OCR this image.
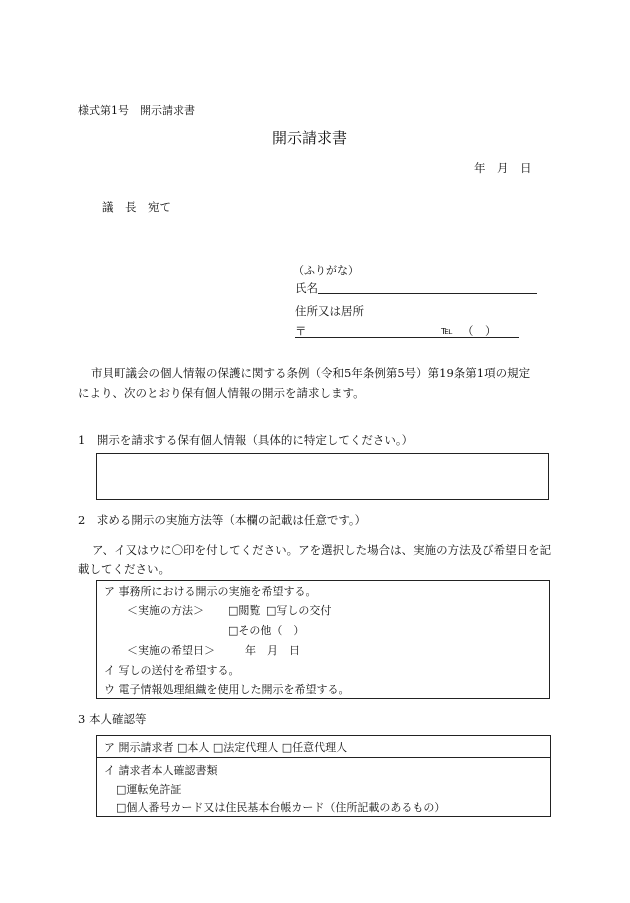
様式第1号　開示請求書
開示請求書
年　月　日
議　長　宛て
（ふりがな）
氏名
住所又は居所
〒	℡ （　）
市貝町議会の個人情報の保護に関する条例（令和5年条例第5号）第19条第1項の規定
により、次のとおり保有個人情報の開示を請求します。
1　開示を請求する保有個人情報（具体的に特定してください。）
2　求める開示の実施方法等（本欄の記載は任意です。）
ア、イ又はウに〇印を付してください。アを選択した場合は、実施の方法及び希望日を記
載してください。
ア 事務所における開示の実施を希望する。
＜実施の方法＞ □閲覧 □写しの交付
□その他（　）
＜実施の希望日＞	年　月　日
イ 写しの送付を希望する。
ウ 電子情報処理組織を使用した開示を希望する。
3 本人確認等
ア 開示請求者 □本人 □法定代理人 □任意代理人
イ 請求者本人確認書類
□運転免許証
□個人番号カード又は住民基本台帳カード（住所記載のあるもの）
